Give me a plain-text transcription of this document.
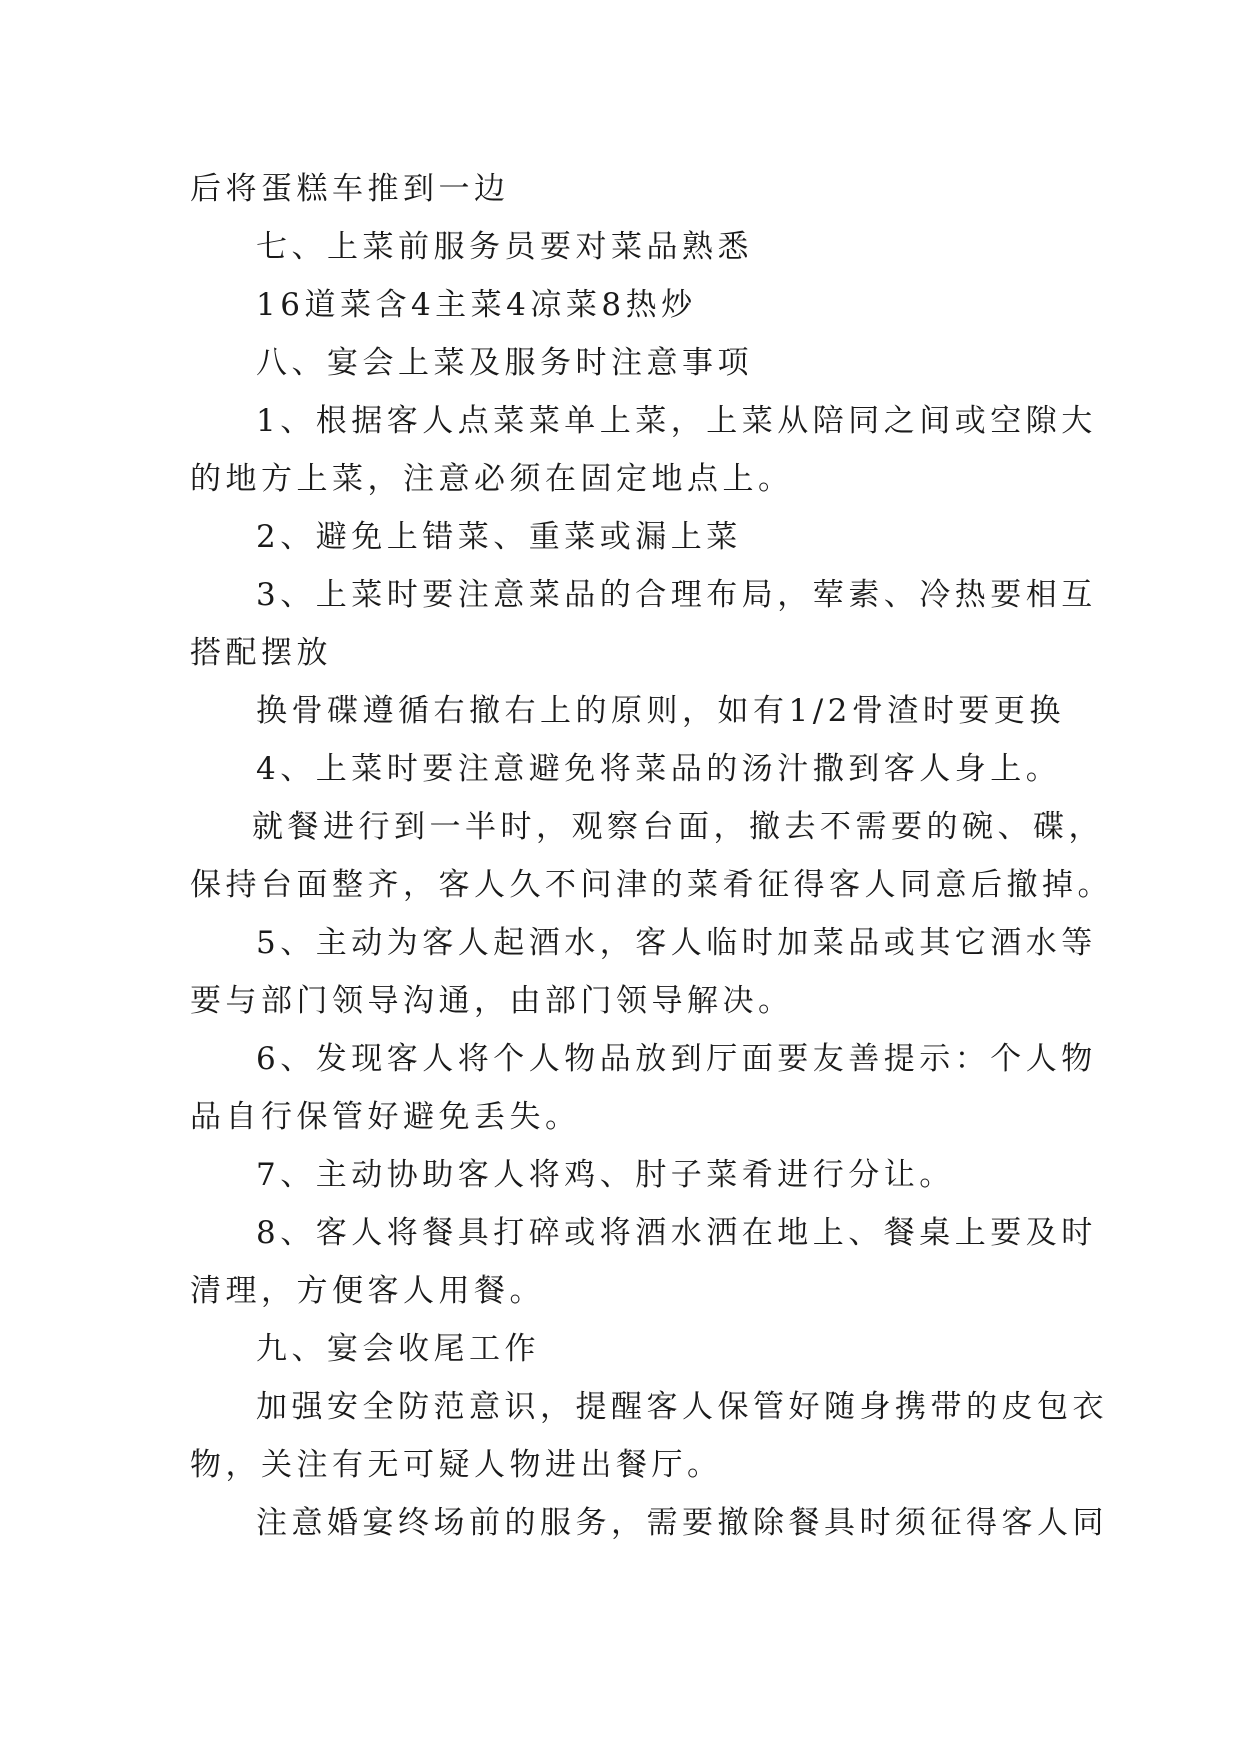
后将蛋糕车推到一边

七、上菜前服务员要对菜品熟悉

16道菜含4主菜4凉菜8热炒

八、宴会上菜及服务时注意事项

1、根据客人点菜菜单上菜，上菜从陪同之间或空隙大

的地方上菜，注意必须在固定地点上。

2、避免上错菜、重菜或漏上菜

3、上菜时要注意菜品的合理布局，荤素、冷热要相互

搭配摆放

换骨碟遵循右撤右上的原则，如有1/2骨渣时要更换

4、上菜时要注意避免将菜品的汤汁撒到客人身上。

就餐进行到一半时，观察台面，撤去不需要的碗、碟，

保持台面整齐，客人久不问津的菜肴征得客人同意后撤掉。

5、主动为客人起酒水，客人临时加菜品或其它酒水等

要与部门领导沟通，由部门领导解决。

6、发现客人将个人物品放到厅面要友善提示：个人物

品自行保管好避免丢失。

7、主动协助客人将鸡、肘子菜肴进行分让。

8、客人将餐具打碎或将酒水洒在地上、餐桌上要及时

清理，方便客人用餐。

九、宴会收尾工作

加强安全防范意识，提醒客人保管好随身携带的皮包衣

物，关注有无可疑人物进出餐厅。

注意婚宴终场前的服务，需要撤除餐具时须征得客人同
